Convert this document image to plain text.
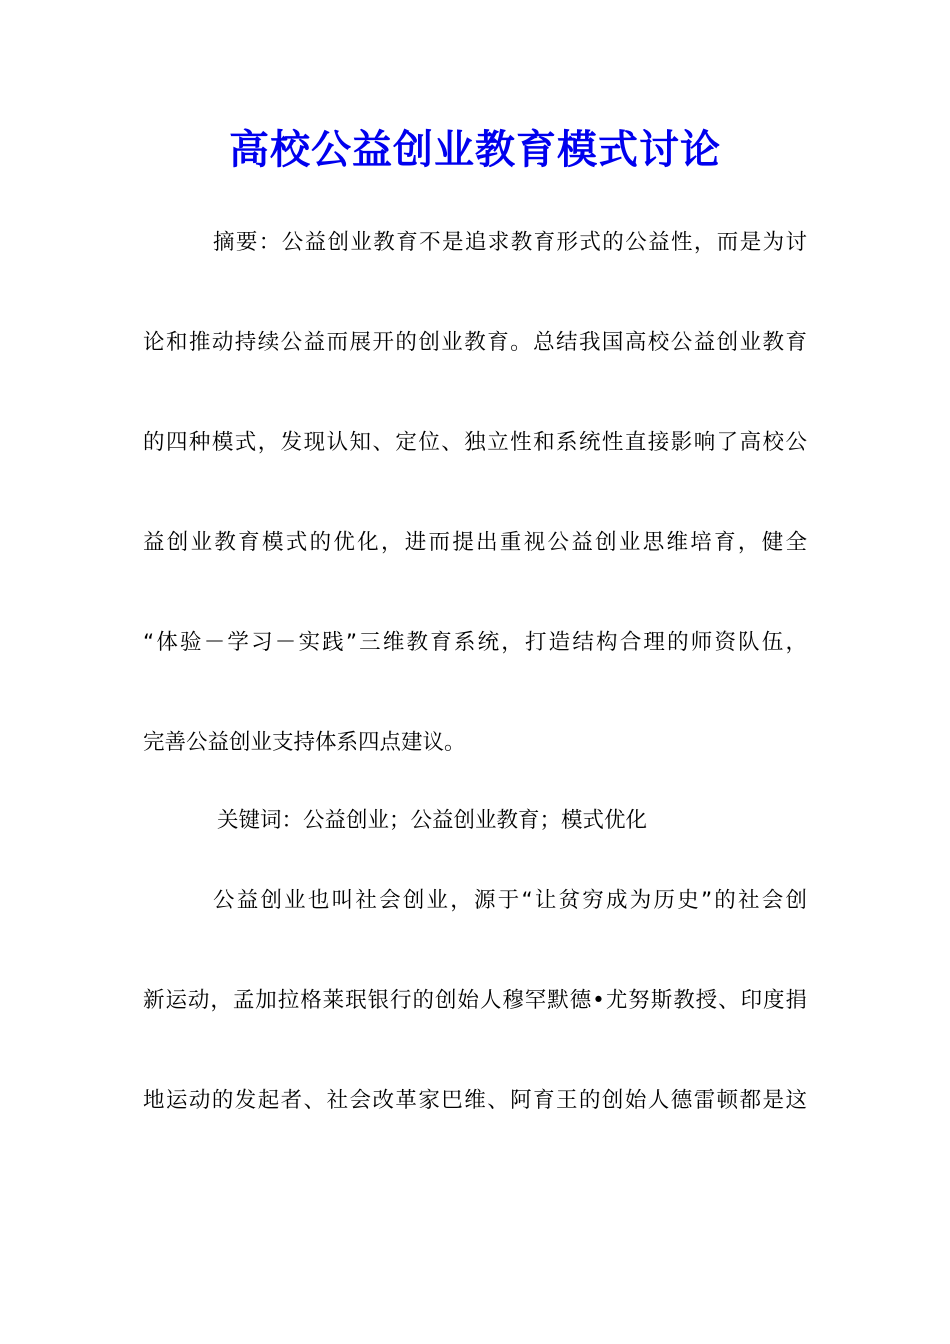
高校公益创业教育模式讨论
摘要：公益创业教育不是追求教育形式的公益性，而是为讨
论和推动持续公益而展开的创业教育。总结我国高校公益创业教育
的四种模式，发现认知、定位、独立性和系统性直接影响了高校公
益创业教育模式的优化，进而提出重视公益创业思维培育，健全
“体验－学习－实践”三维教育系统，打造结构合理的师资队伍，
完善公益创业支持体系四点建议。
关键词：公益创业；公益创业教育；模式优化
公益创业也叫社会创业，源于“让贫穷成为历史”的社会创
新运动，孟加拉格莱珉银行的创始人穆罕默德•尤努斯教授、印度捐
地运动的发起者、社会改革家巴维、阿育王的创始人德雷顿都是这
